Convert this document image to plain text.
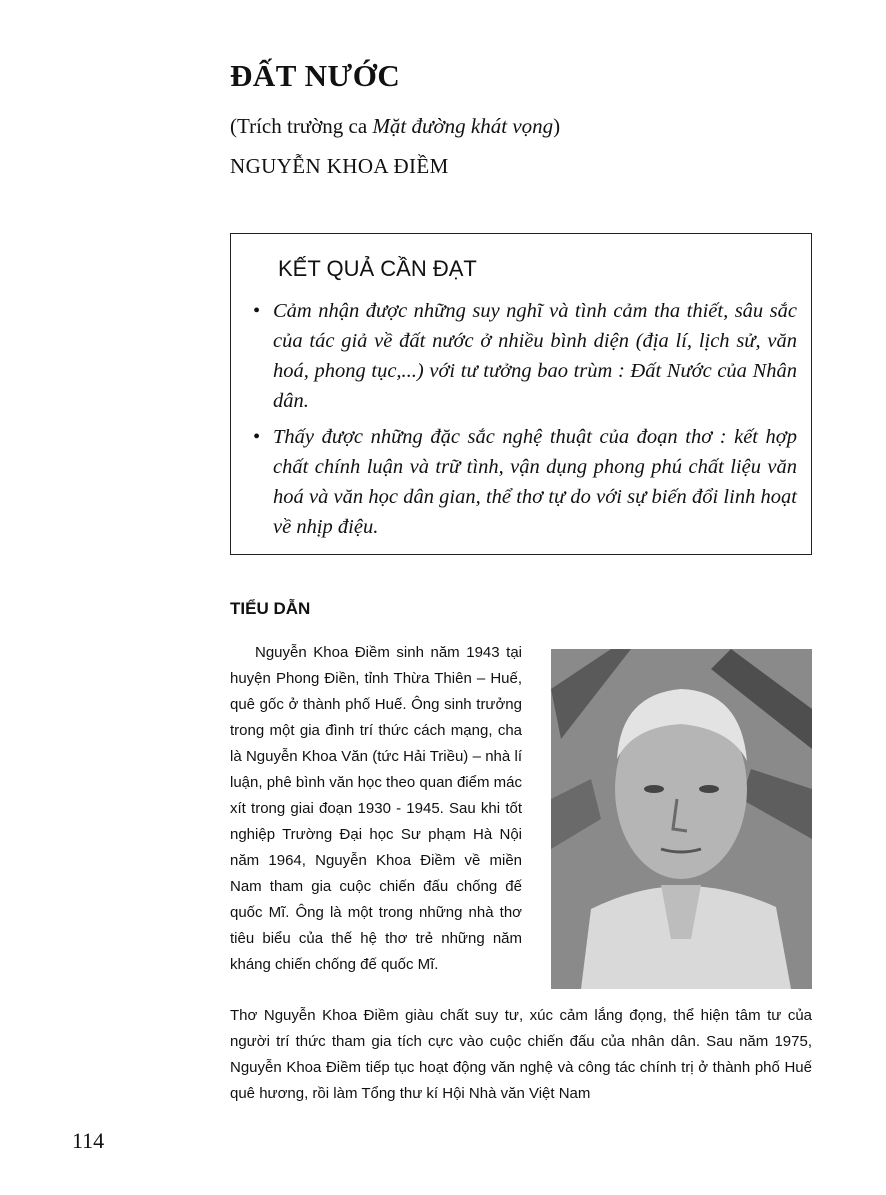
ĐẤT NƯỚC

(Trích trường ca Mặt đường khát vọng)

NGUYỄN KHOA ĐIỀM

KẾT QUẢ CẦN ĐẠT

• Cảm nhận được những suy nghĩ và tình cảm tha thiết, sâu sắc của tác giả về đất nước ở nhiều bình diện (địa lí, lịch sử, văn hoá, phong tục,...) với tư tưởng bao trùm : Đất Nước của Nhân dân.
• Thấy được những đặc sắc nghệ thuật của đoạn thơ : kết hợp chất chính luận và trữ tình, vận dụng phong phú chất liệu văn hoá và văn học dân gian, thể thơ tự do với sự biến đổi linh hoạt về nhịp điệu.

TIỂU DẪN

Nguyễn Khoa Điềm sinh năm 1943 tại huyện Phong Điền, tỉnh Thừa Thiên – Huế, quê gốc ở thành phố Huế. Ông sinh trưởng trong một gia đình trí thức cách mạng, cha là Nguyễn Khoa Văn (tức Hải Triều) – nhà lí luận, phê bình văn học theo quan điểm mác xít trong giai đoạn 1930 - 1945. Sau khi tốt nghiệp Trường Đại học Sư phạm Hà Nội năm 1964, Nguyễn Khoa Điềm về miền Nam tham gia cuộc chiến đấu chống đế quốc Mĩ. Ông là một trong những nhà thơ tiêu biểu của thế hệ thơ trẻ những năm kháng chiến chống đế quốc Mĩ.

Thơ Nguyễn Khoa Điềm giàu chất suy tư, xúc cảm lắng đọng, thể hiện tâm tư của người trí thức tham gia tích cực vào cuộc chiến đấu của nhân dân. Sau năm 1975, Nguyễn Khoa Điềm tiếp tục hoạt động văn nghệ và công tác chính trị ở thành phố Huế quê hương, rồi làm Tổng thư kí Hội Nhà văn Việt Nam

114
